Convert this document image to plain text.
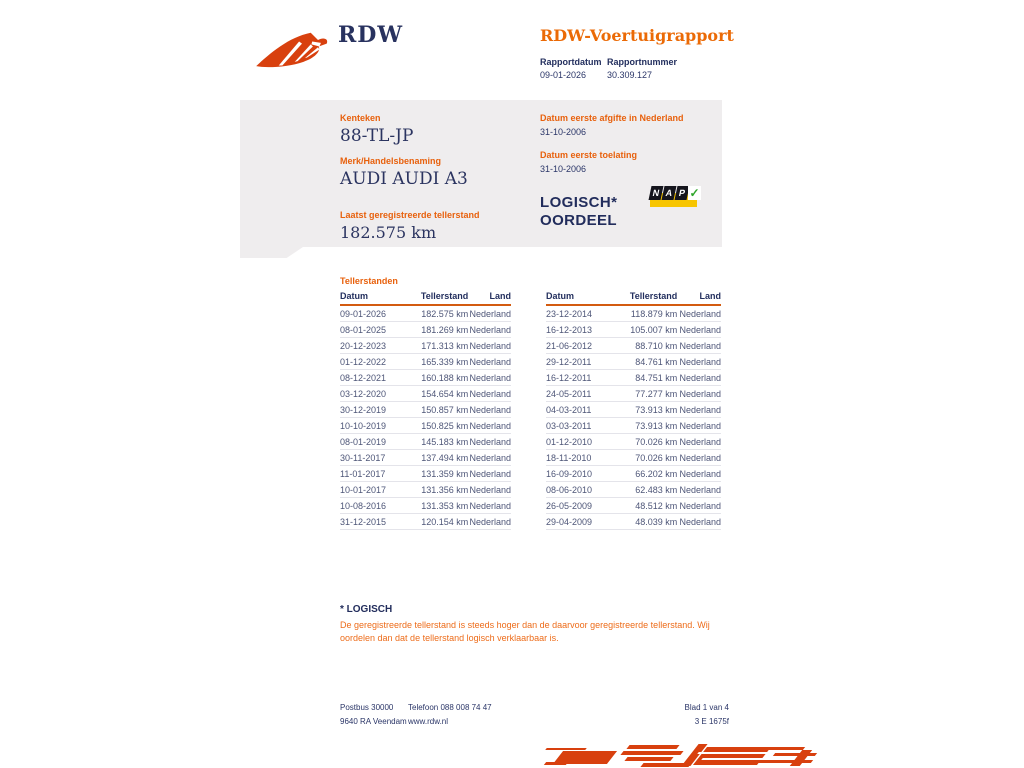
RDW	RDW-Voertuigrapport
Rapportdatum
09-01-2026
Rapportnummer
30.309.127
Kenteken
88-TL-JP
Merk/Handelsbenaming
AUDI AUDI A3
Laatst geregistreerde tellerstand
182.575 km
Datum eerste afgifte in Nederland
31-10-2006
Datum eerste toelating
31-10-2006
LOGISCH*
OORDEEL
N A P ✓
Tellerstanden
Datum	Tellerstand	Land
09-01-2026	182.575 km	Nederland
08-01-2025	181.269 km	Nederland
20-12-2023	171.313 km	Nederland
01-12-2022	165.339 km	Nederland
08-12-2021	160.188 km	Nederland
03-12-2020	154.654 km	Nederland
30-12-2019	150.857 km	Nederland
10-10-2019	150.825 km	Nederland
08-01-2019	145.183 km	Nederland
30-11-2017	137.494 km	Nederland
11-01-2017	131.359 km	Nederland
10-01-2017	131.356 km	Nederland
10-08-2016	131.353 km	Nederland
31-12-2015	120.154 km	Nederland
Datum	Tellerstand	Land
23-12-2014	118.879 km	Nederland
16-12-2013	105.007 km	Nederland
21-06-2012	88.710 km	Nederland
29-12-2011	84.761 km	Nederland
16-12-2011	84.751 km	Nederland
24-05-2011	77.277 km	Nederland
04-03-2011	73.913 km	Nederland
03-03-2011	73.913 km	Nederland
01-12-2010	70.026 km	Nederland
18-11-2010	70.026 km	Nederland
16-09-2010	66.202 km	Nederland
08-06-2010	62.483 km	Nederland
26-05-2009	48.512 km	Nederland
29-04-2009	48.039 km	Nederland
* LOGISCH
De geregistreerde tellerstand is steeds hoger dan de daarvoor geregistreerde tellerstand. Wij oordelen dan dat de tellerstand logisch verklaarbaar is.
Postbus 30000
9640 RA Veendam
Telefoon 088 008 74 47
www.rdw.nl
Blad 1 van 4
3 E 1675f
